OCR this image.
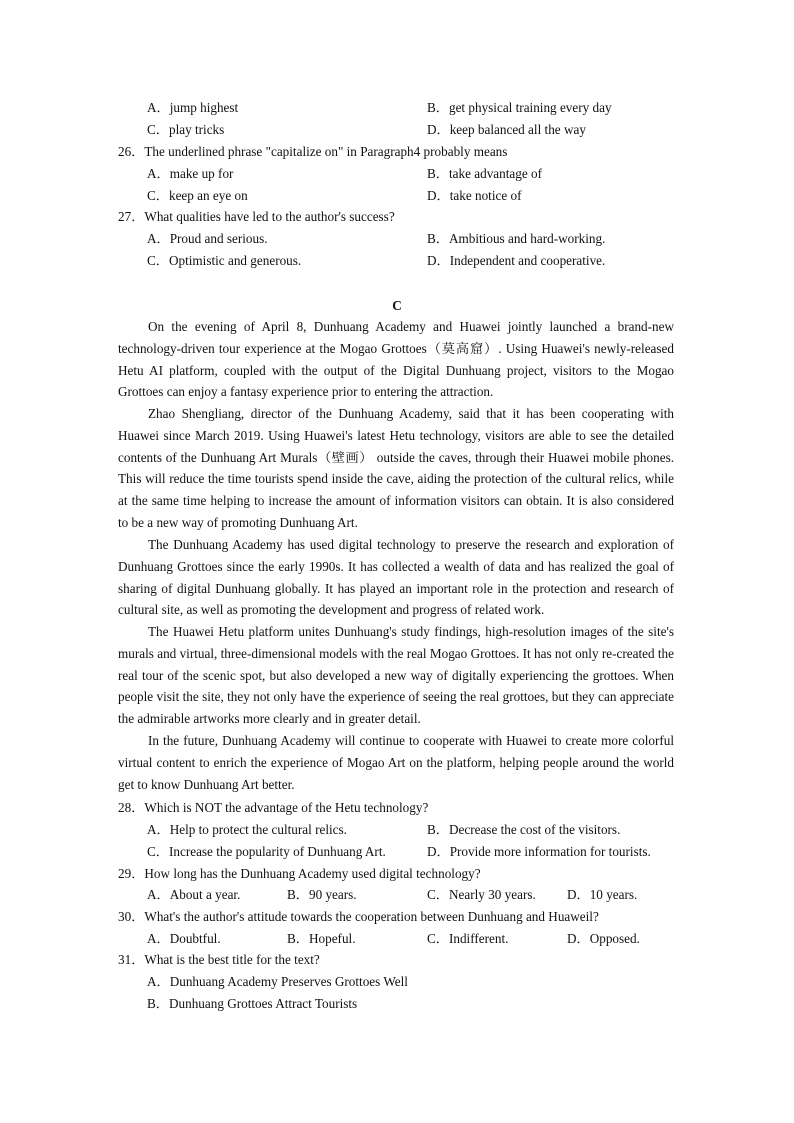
A．jump highest	B．get physical training every day
C．play tricks	D．keep balanced all the way
26．The underlined phrase "capitalize on" in Paragraph4 probably means
A．make up for	B．take advantage of
C．keep an eye on	D．take notice of
27．What qualities have led to the author's success?
A．Proud and serious.	B．Ambitious and hard-working.
C．Optimistic and generous.	D．Independent and cooperative.
C

On the evening of April 8, Dunhuang Academy and Huawei jointly launched a brand-new technology-driven tour experience at the Mogao Grottoes（莫高窟）. Using Huawei's newly-released Hetu AI platform, coupled with the output of the Digital Dunhuang project, visitors to the Mogao Grottoes can enjoy a fantasy experience prior to entering the attraction.

Zhao Shengliang, director of the Dunhuang Academy, said that it has been cooperating with Huawei since March 2019. Using Huawei's latest Hetu technology, visitors are able to see the detailed contents of the Dunhuang Art Murals（壁画） outside the caves, through their Huawei mobile phones. This will reduce the time tourists spend inside the cave, aiding the protection of the cultural relics, while at the same time helping to increase the amount of information visitors can obtain. It is also considered to be a new way of promoting Dunhuang Art.

The Dunhuang Academy has used digital technology to preserve the research and exploration of Dunhuang Grottoes since the early 1990s. It has collected a wealth of data and has realized the goal of sharing of digital Dunhuang globally. It has played an important role in the protection and research of cultural site, as well as promoting the development and progress of related work.

The Huawei Hetu platform unites Dunhuang's study findings, high-resolution images of the site's murals and virtual, three-dimensional models with the real Mogao Grottoes. It has not only re-created the real tour of the scenic spot, but also developed a new way of digitally experiencing the grottoes. When people visit the site, they not only have the experience of seeing the real grottoes, but they can appreciate the admirable artworks more clearly and in greater detail.

In the future, Dunhuang Academy will continue to cooperate with Huawei to create more colorful virtual content to enrich the experience of Mogao Art on the platform, helping people around the world get to know Dunhuang Art better.

28．Which is NOT the advantage of the Hetu technology?
A．Help to protect the cultural relics.	B．Decrease the cost of the visitors.
C．Increase the popularity of Dunhuang Art.	D．Provide more information for tourists.
29．How long has the Dunhuang Academy used digital technology?
A．About a year.	B．90 years.	C．Nearly 30 years. D．10 years.
30．What's the author's attitude towards the cooperation between Dunhuang and Huaweil?
A．Doubtful.	B．Hopeful.	C．Indifferent.	D．Opposed.
31．What is the best title for the text?
A．Dunhuang Academy Preserves Grottoes Well
B．Dunhuang Grottoes Attract Tourists
